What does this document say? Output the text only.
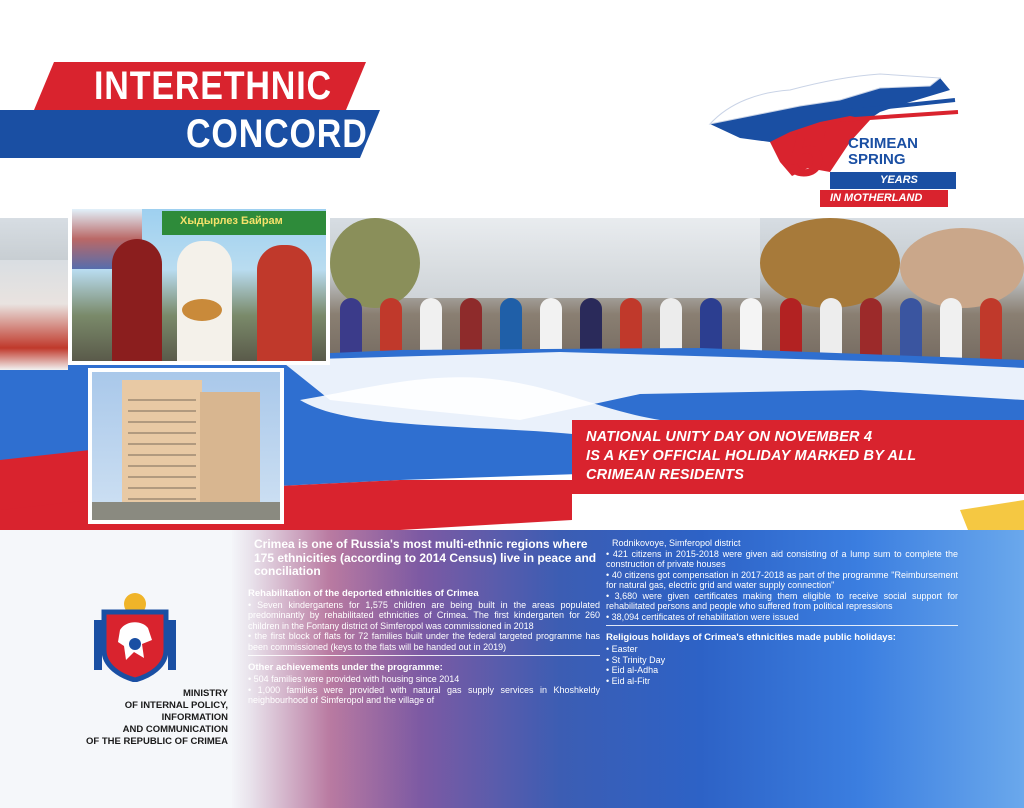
INTERETHNIC
CONCORD	5 CRIMEAN
SPRING
YEARS
IN MOTHERLAND
Хыдырлез Байрам
NATIONAL UNITY DAY ON NOVEMBER 4
IS A KEY OFFICIAL HOLIDAY MARKED BY ALL
CRIMEAN RESIDENTS
MINISTRY
OF INTERNAL POLICY,
INFORMATION
AND COMMUNICATION
OF THE REPUBLIC OF CRIMEA
Crimea is one of Russia's most multi-ethnic regions where 175 ethnicities (according to 2014 Census) live in peace and conciliation
Rehabilitation of the deported ethnicities of Crimea
• Seven kindergartens for 1,575 children are being built in the areas populated predominantly by rehabilitated ethnicities of Crimea. The first kindergarten for 260 children in the Fontany district of Simferopol was commissioned in 2018
• the first block of flats for 72 families built under the federal targeted programme has been commissioned (keys to the flats will be handed out in 2019)
Other achievements under the programme:
• 504 families were provided with housing since 2014
• 1,000 families were provided with natural gas supply services in Khoshkeldy neighbourhood of Simferopol and the village of
Rodnikovoye, Simferopol district
• 421 citizens in 2015-2018 were given aid consisting of a lump sum to complete the construction of private houses
• 40 citizens got compensation in 2017-2018 as part of the programme "Reimbursement for natural gas, electric grid and water supply connection"
• 3,680 were given certificates making them eligible to receive social support for rehabilitated persons and people who suffered from political repressions
• 38,094 certificates of rehabilitation were issued
Religious holidays of Crimea's ethnicities made public holidays:
• Easter
• St Trinity Day
• Eid al-Adha
• Eid al-Fitr
